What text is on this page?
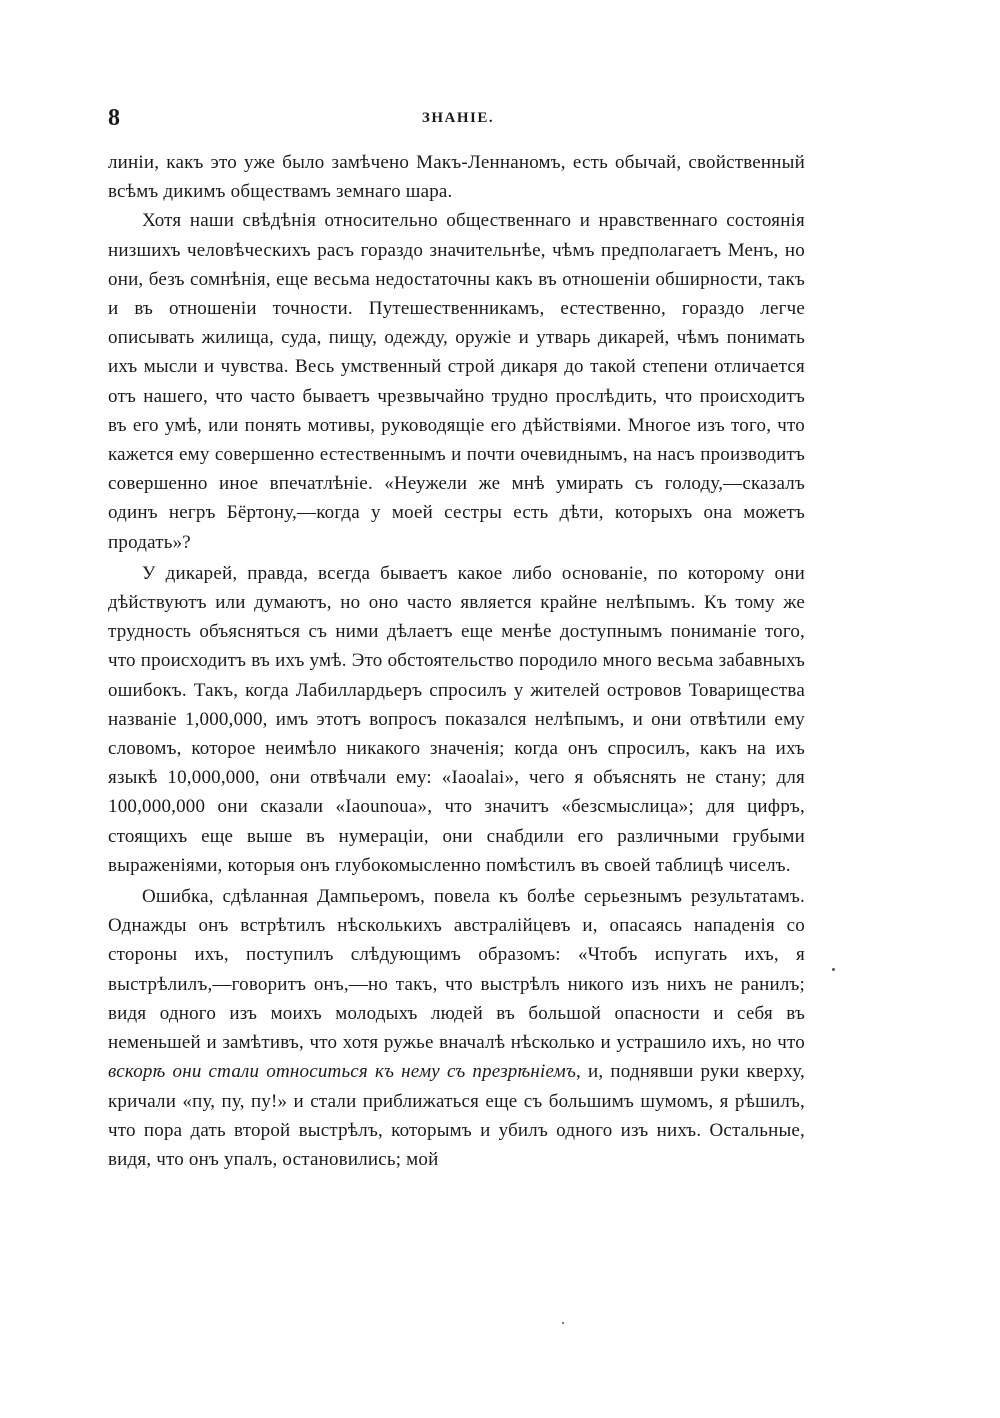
8	ЗНАНІЕ.

линіи, какъ это уже было замѣчено Макъ-Леннаномъ, есть обычай, свойственный всѣмъ дикимъ обществамъ земнаго шара.

Хотя наши свѣдѣнія относительно общественнаго и нравственнаго состоянія низшихъ человѣческихъ расъ гораздо значительнѣе, чѣмъ предполагаетъ Менъ, но они, безъ сомнѣнія, еще весьма недостаточны какъ въ отношеніи обширности, такъ и въ отношеніи точности. Путешественникамъ, естественно, гораздо легче описывать жилища, суда, пищу, одежду, оружіе и утварь дикарей, чѣмъ понимать ихъ мысли и чувства. Весь умственный строй дикаря до такой степени отличается отъ нашего, что часто бываетъ чрезвычайно трудно прослѣдить, что происходитъ въ его умѣ, или понять мотивы, руководящіе его дѣйствіями. Многое изъ того, что кажется ему совершенно естественнымъ и почти очевиднымъ, на насъ производитъ совершенно иное впечатлѣніе. «Неужели же мнѣ умирать съ голоду,—сказалъ одинъ негръ Бёртону,—когда у моей сестры есть дѣти, которыхъ она можетъ продать»?

У дикарей, правда, всегда бываетъ какое либо основаніе, по которому они дѣйствуютъ или думаютъ, но оно часто является крайне нелѣпымъ. Къ тому же трудность объясняться съ ними дѣлаетъ еще менѣе доступнымъ пониманіе того, что происходитъ въ ихъ умѣ. Это обстоятельство породило много весьма забавныхъ ошибокъ. Такъ, когда Лабиллардьеръ спросилъ у жителей островов Товарищества названіе 1,000,000, имъ этотъ вопросъ показался нелѣпымъ, и они отвѣтили ему словомъ, которое неимѣло никакого значенія; когда онъ спросилъ, какъ на ихъ языкѣ 10,000,000, они отвѣчали ему: «Iaoalai», чего я объяснять не стану; для 100,000,000 они сказали «Iaounoua», что значитъ «безсмыслица»; для цифръ, стоящихъ еще выше въ нумераціи, они снабдили его различными грубыми выраженіями, которыя онъ глубокомысленно помѣстилъ въ своей таблицѣ чиселъ.

Ошибка, сдѣланная Дампьеромъ, повела къ болѣе серьезнымъ результатамъ. Однажды онъ встрѣтилъ нѣсколькихъ австралійцевъ и, опасаясь нападенія со стороны ихъ, поступилъ слѣдующимъ образомъ: «Чтобъ испугать ихъ, я выстрѣлилъ,—говоритъ онъ,—но такъ, что выстрѣлъ никого изъ нихъ не ранилъ; видя одного изъ моихъ молодыхъ людей въ большой опасности и себя въ неменьшей и замѣтивъ, что хотя ружье вначалѣ нѣсколько и устрашило ихъ, но что вскорѣ они стали относиться къ нему съ презрѣніемъ, и, поднявши руки кверху, кричали «пу, пу, пу!» и стали приближаться еще съ большимъ шумомъ, я рѣшилъ, что пора дать второй выстрѣлъ, которымъ и убилъ одного изъ нихъ. Остальные, видя, что онъ упалъ, остановились; мой
